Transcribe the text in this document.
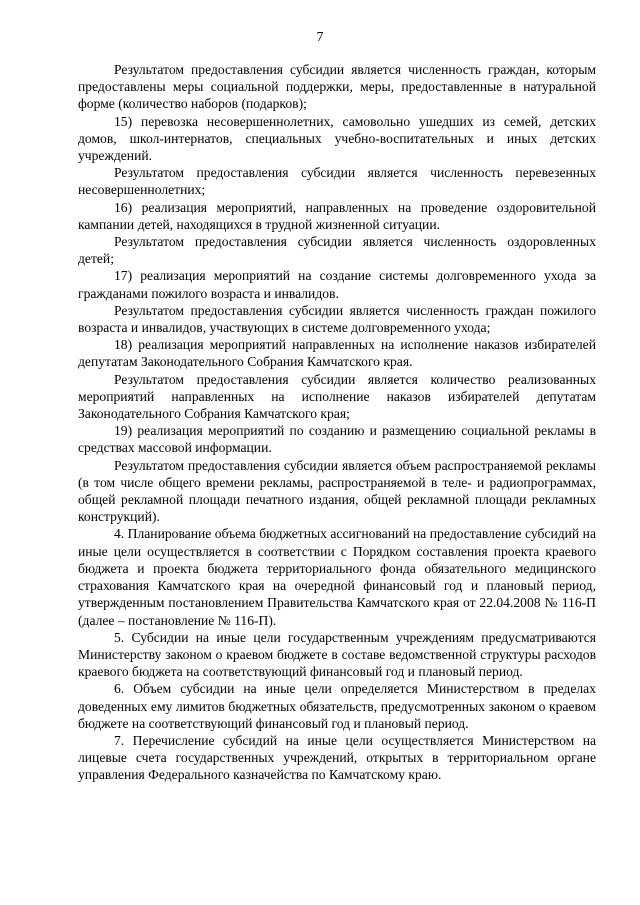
7

Результатом предоставления субсидии является численность граждан, которым предоставлены меры социальной поддержки, меры, предоставленные в натуральной форме (количество наборов (подарков);

15) перевозка несовершеннолетних, самовольно ушедших из семей, детских домов, школ-интернатов, специальных учебно-воспитательных и иных детских учреждений.

Результатом предоставления субсидии является численность перевезенных несовершеннолетних;

16) реализация мероприятий, направленных на проведение оздоровительной кампании детей, находящихся в трудной жизненной ситуации.

Результатом предоставления субсидии является численность оздоровленных детей;

17) реализация мероприятий на создание системы долговременного ухода за гражданами пожилого возраста и инвалидов.

Результатом предоставления субсидии является численность граждан пожилого возраста и инвалидов, участвующих в системе долговременного ухода;

18) реализация мероприятий направленных на исполнение наказов избирателей депутатам Законодательного Собрания Камчатского края.

Результатом предоставления субсидии является количество реализованных мероприятий направленных на исполнение наказов избирателей депутатам Законодательного Собрания Камчатского края;

19) реализация мероприятий по созданию и размещению социальной рекламы в средствах массовой информации.

Результатом предоставления субсидии является объем распространяемой рекламы (в том числе общего времени рекламы, распространяемой в теле- и радиопрограммах, общей рекламной площади печатного издания, общей рекламной площади рекламных конструкций).

4. Планирование объема бюджетных ассигнований на предоставление субсидий на иные цели осуществляется в соответствии с Порядком составления проекта краевого бюджета и проекта бюджета территориального фонда обязательного медицинского страхования Камчатского края на очередной финансовый год и плановый период, утвержденным постановлением Правительства Камчатского края от 22.04.2008 № 116-П (далее – постановление № 116-П).

5. Субсидии на иные цели государственным учреждениям предусматриваются Министерству законом о краевом бюджете в составе ведомственной структуры расходов краевого бюджета на соответствующий финансовый год и плановый период.

6. Объем субсидии на иные цели определяется Министерством в пределах доведенных ему лимитов бюджетных обязательств, предусмотренных законом о краевом бюджете на соответствующий финансовый год и плановый период.

7. Перечисление субсидий на иные цели осуществляется Министерством на лицевые счета государственных учреждений, открытых в территориальном органе управления Федерального казначейства по Камчатскому краю.
